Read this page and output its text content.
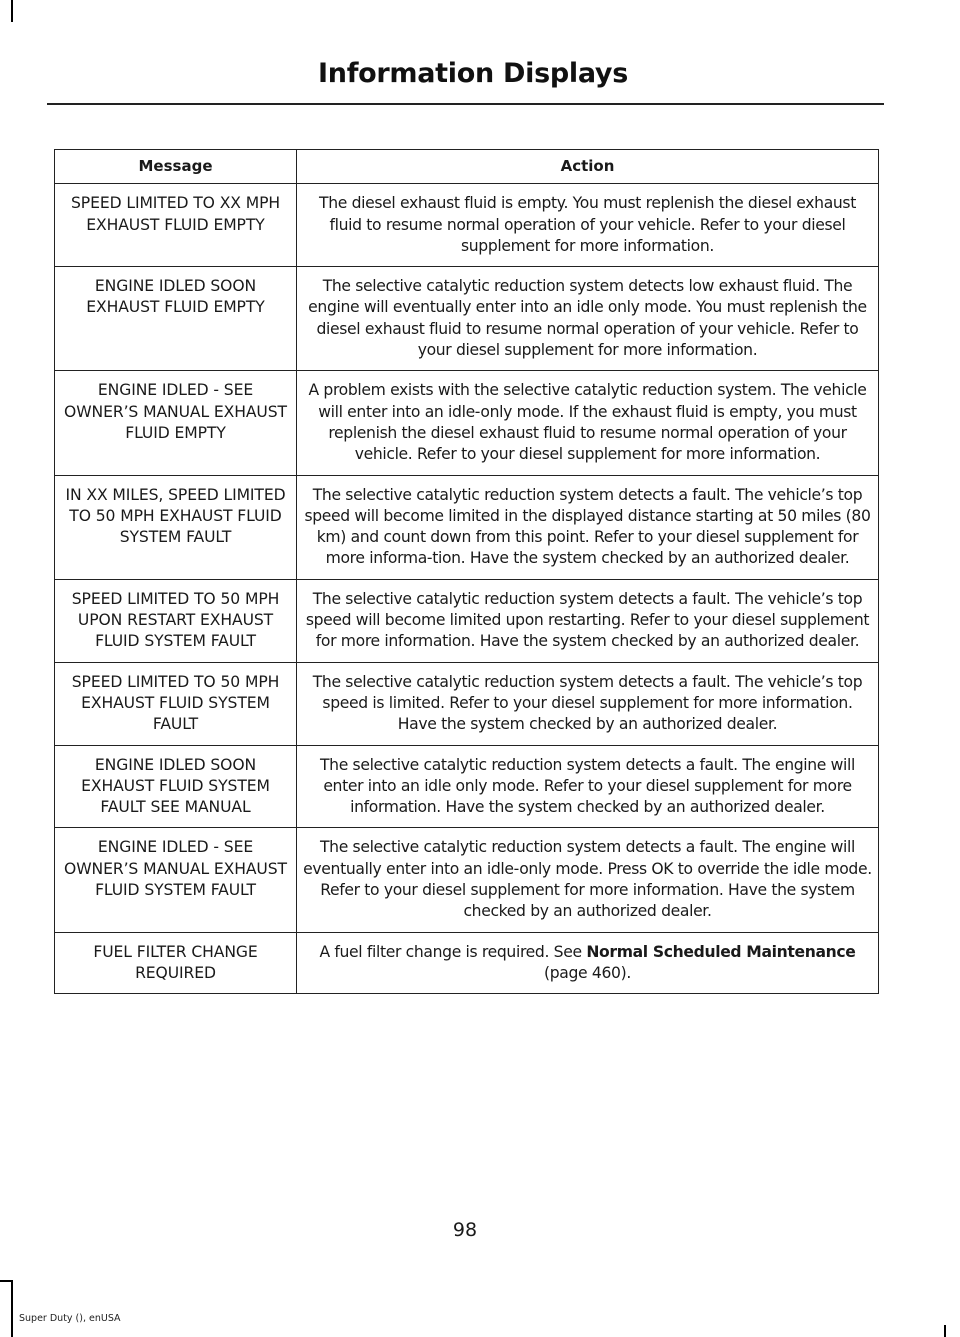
Information Displays
Message	Action
SPEED LIMITED TO XX MPH EXHAUST FLUID EMPTY	The diesel exhaust fluid is empty. You must replenish the diesel exhaust fluid to resume normal operation of your vehicle. Refer to your diesel supplement for more information.
ENGINE IDLED SOON EXHAUST FLUID EMPTY	The selective catalytic reduction system detects low exhaust fluid. The engine will eventually enter into an idle only mode. You must replenish the diesel exhaust fluid to resume normal operation of your vehicle. Refer to your diesel supplement for more information.
ENGINE IDLED - SEE OWNER’S MANUAL EXHAUST FLUID EMPTY	A problem exists with the selective catalytic reduction system. The vehicle will enter into an idle-only mode. If the exhaust fluid is empty, you must replenish the diesel exhaust fluid to resume normal operation of your vehicle. Refer to your diesel supplement for more information.
IN XX MILES, SPEED LIMITED TO 50 MPH EXHAUST FLUID SYSTEM FAULT	The selective catalytic reduction system detects a fault. The vehicle’s top speed will become limited in the displayed distance starting at 50 miles (80 km) and count down from this point. Refer to your diesel supplement for more informa-tion. Have the system checked by an authorized dealer.
SPEED LIMITED TO 50 MPH UPON RESTART EXHAUST FLUID SYSTEM FAULT	The selective catalytic reduction system detects a fault. The vehicle’s top speed will become limited upon restarting. Refer to your diesel supplement for more information. Have the system checked by an authorized dealer.
SPEED LIMITED TO 50 MPH EXHAUST FLUID SYSTEM FAULT	The selective catalytic reduction system detects a fault. The vehicle’s top speed is limited. Refer to your diesel supplement for more information. Have the system checked by an authorized dealer.
ENGINE IDLED SOON EXHAUST FLUID SYSTEM FAULT SEE MANUAL	The selective catalytic reduction system detects a fault. The engine will enter into an idle only mode. Refer to your diesel supplement for more information. Have the system checked by an authorized dealer.
ENGINE IDLED - SEE OWNER’S MANUAL EXHAUST FLUID SYSTEM FAULT	The selective catalytic reduction system detects a fault. The engine will eventually enter into an idle-only mode. Press OK to override the idle mode. Refer to your diesel supplement for more information. Have the system checked by an authorized dealer.
FUEL FILTER CHANGE REQUIRED	A fuel filter change is required. See Normal Scheduled Maintenance (page 460).
98
Super Duty (), enUSA
